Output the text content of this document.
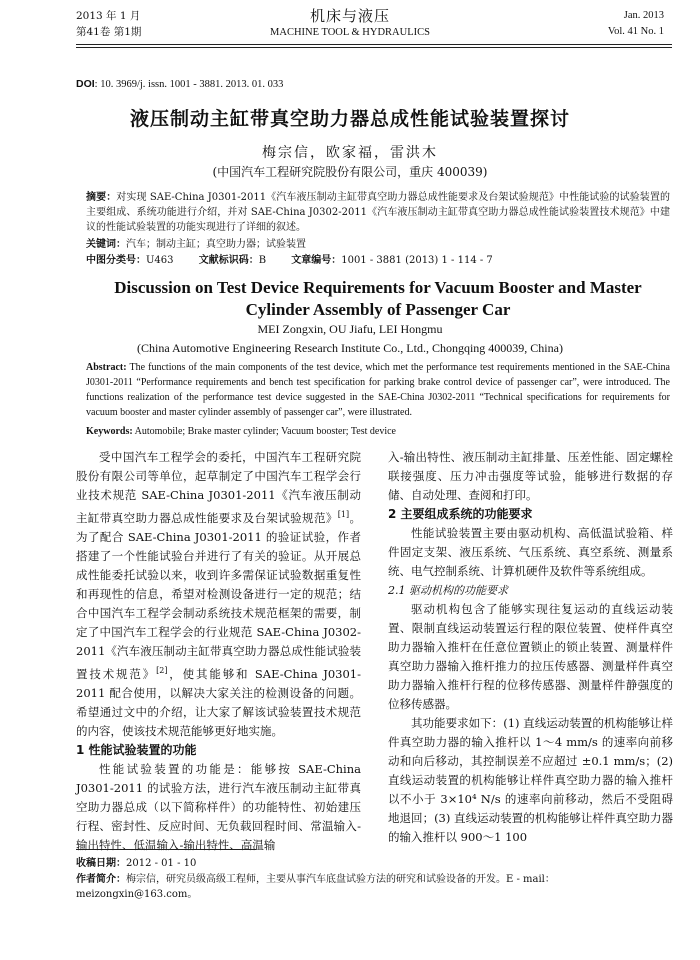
2013 年 1 月
第41卷 第1期
机床与液压
MACHINE TOOL & HYDRAULICS
Jan. 2013
Vol. 41 No. 1
DOI: 10. 3969/j. issn. 1001 - 3881. 2013. 01. 033
液压制动主缸带真空助力器总成性能试验装置探讨
梅宗信，欧家福，雷洪木
(中国汽车工程研究院股份有限公司，重庆 400039)
摘要：对实现 SAE-China J0301-2011《汽车液压制动主缸带真空助力器总成性能要求及台架试验规范》中性能试验的试验装置的主要组成、系统功能进行介绍，并对 SAE-China J0302-2011《汽车液压制动主缸带真空助力器总成性能试验装置技术规范》中建议的性能试验装置的功能实现进行了详细的叙述。
关键词：汽车；制动主缸；真空助力器；试验装置
中图分类号：U463	文献标识码：B	文章编号：1001 - 3881 (2013) 1 - 114 - 7
Discussion on Test Device Requirements for Vacuum Booster and Master Cylinder Assembly of Passenger Car
MEI Zongxin, OU Jiafu, LEI Hongmu
(China Automotive Engineering Research Institute Co., Ltd., Chongqing 400039, China)
Abstract: The functions of the main components of the test device, which met the performance test requirements mentioned in the SAE-China J0301-2011 “Performance requirements and bench test specification for parking brake control device of passenger car”, were introduced. The functions realization of the performance test device suggested in the SAE-China J0302-2011 “Technical specifications for requirements for vacuum booster and master cylinder assembly of passenger car”, were illustrated.
Keywords: Automobile; Brake master cylinder; Vacuum booster; Test device

受中国汽车工程学会的委托，中国汽车工程研究院股份有限公司等单位，起草制定了中国汽车工程学会行业技术规范 SAE-China J0301-2011《汽车液压制动主缸带真空助力器总成性能要求及台架试验规范》[1]。为了配合 SAE-China J0301-2011 的验证试验，作者搭建了一个性能试验台并进行了有关的验证。从开展总成性能委托试验以来，收到许多需保证试验数据重复性和再现性的信息，希望对检测设备进行一定的规范；结合中国汽车工程学会制动系统技术规范框架的需要，制定了中国汽车工程学会的行业规范 SAE-China J0302-2011《汽车液压制动主缸带真空助力器总成性能试验装置技术规范》[2]，使其能够和 SAE-China J0301-2011 配合使用，以解决大家关注的检测设备的问题。希望通过文中的介绍，让大家了解该试验装置技术规范的内容，使该技术规范能够更好地实施。

1 性能试验装置的功能

性能试验装置的功能是：能够按 SAE-China J0301-2011 的试验方法，进行汽车液压制动主缸带真空助力器总成（以下简称样件）的功能特性、初始建压行程、密封性、反应时间、无负载回程时间、常温输入-输出特性、低温输入-输出特性、高温输

入-输出特性、液压制动主缸排量、压差性能、固定螺栓联接强度、压力冲击强度等试验，能够进行数据的存储、自动处理、查阅和打印。

2 主要组成系统的功能要求

性能试验装置主要由驱动机构、高低温试验箱、样件固定支架、液压系统、气压系统、真空系统、测量系统、电气控制系统、计算机硬件及软件等系统组成。

2.1 驱动机构的功能要求

驱动机构包含了能够实现往复运动的直线运动装置、限制直线运动装置运行程的限位装置、使样件真空助力器输入推杆在任意位置锁止的锁止装置、测量样件真空助力器输入推杆推力的拉压传感器、测量样件真空助力器输入推杆行程的位移传感器、测量样件静强度的位移传感器。

其功能要求如下：(1) 直线运动装置的机构能够让样件真空助力器的输入推杆以 1～4 mm/s 的速率向前移动和向后移动，其控制误差不应超过 ±0.1 mm/s；(2) 直线运动装置的机构能够让样件真空助力器的输入推杆以不小于 3×10⁴ N/s 的速率向前移动，然后不受阻碍地退回；(3) 直线运动装置的机构能够让样件真空助力器的输入推杆以 900～1 100

收稿日期：2012 - 01 - 10
作者简介：梅宗信，研究员级高级工程师，主要从事汽车底盘试验方法的研究和试验设备的开发。E - mail：meizongxin@163.com。
